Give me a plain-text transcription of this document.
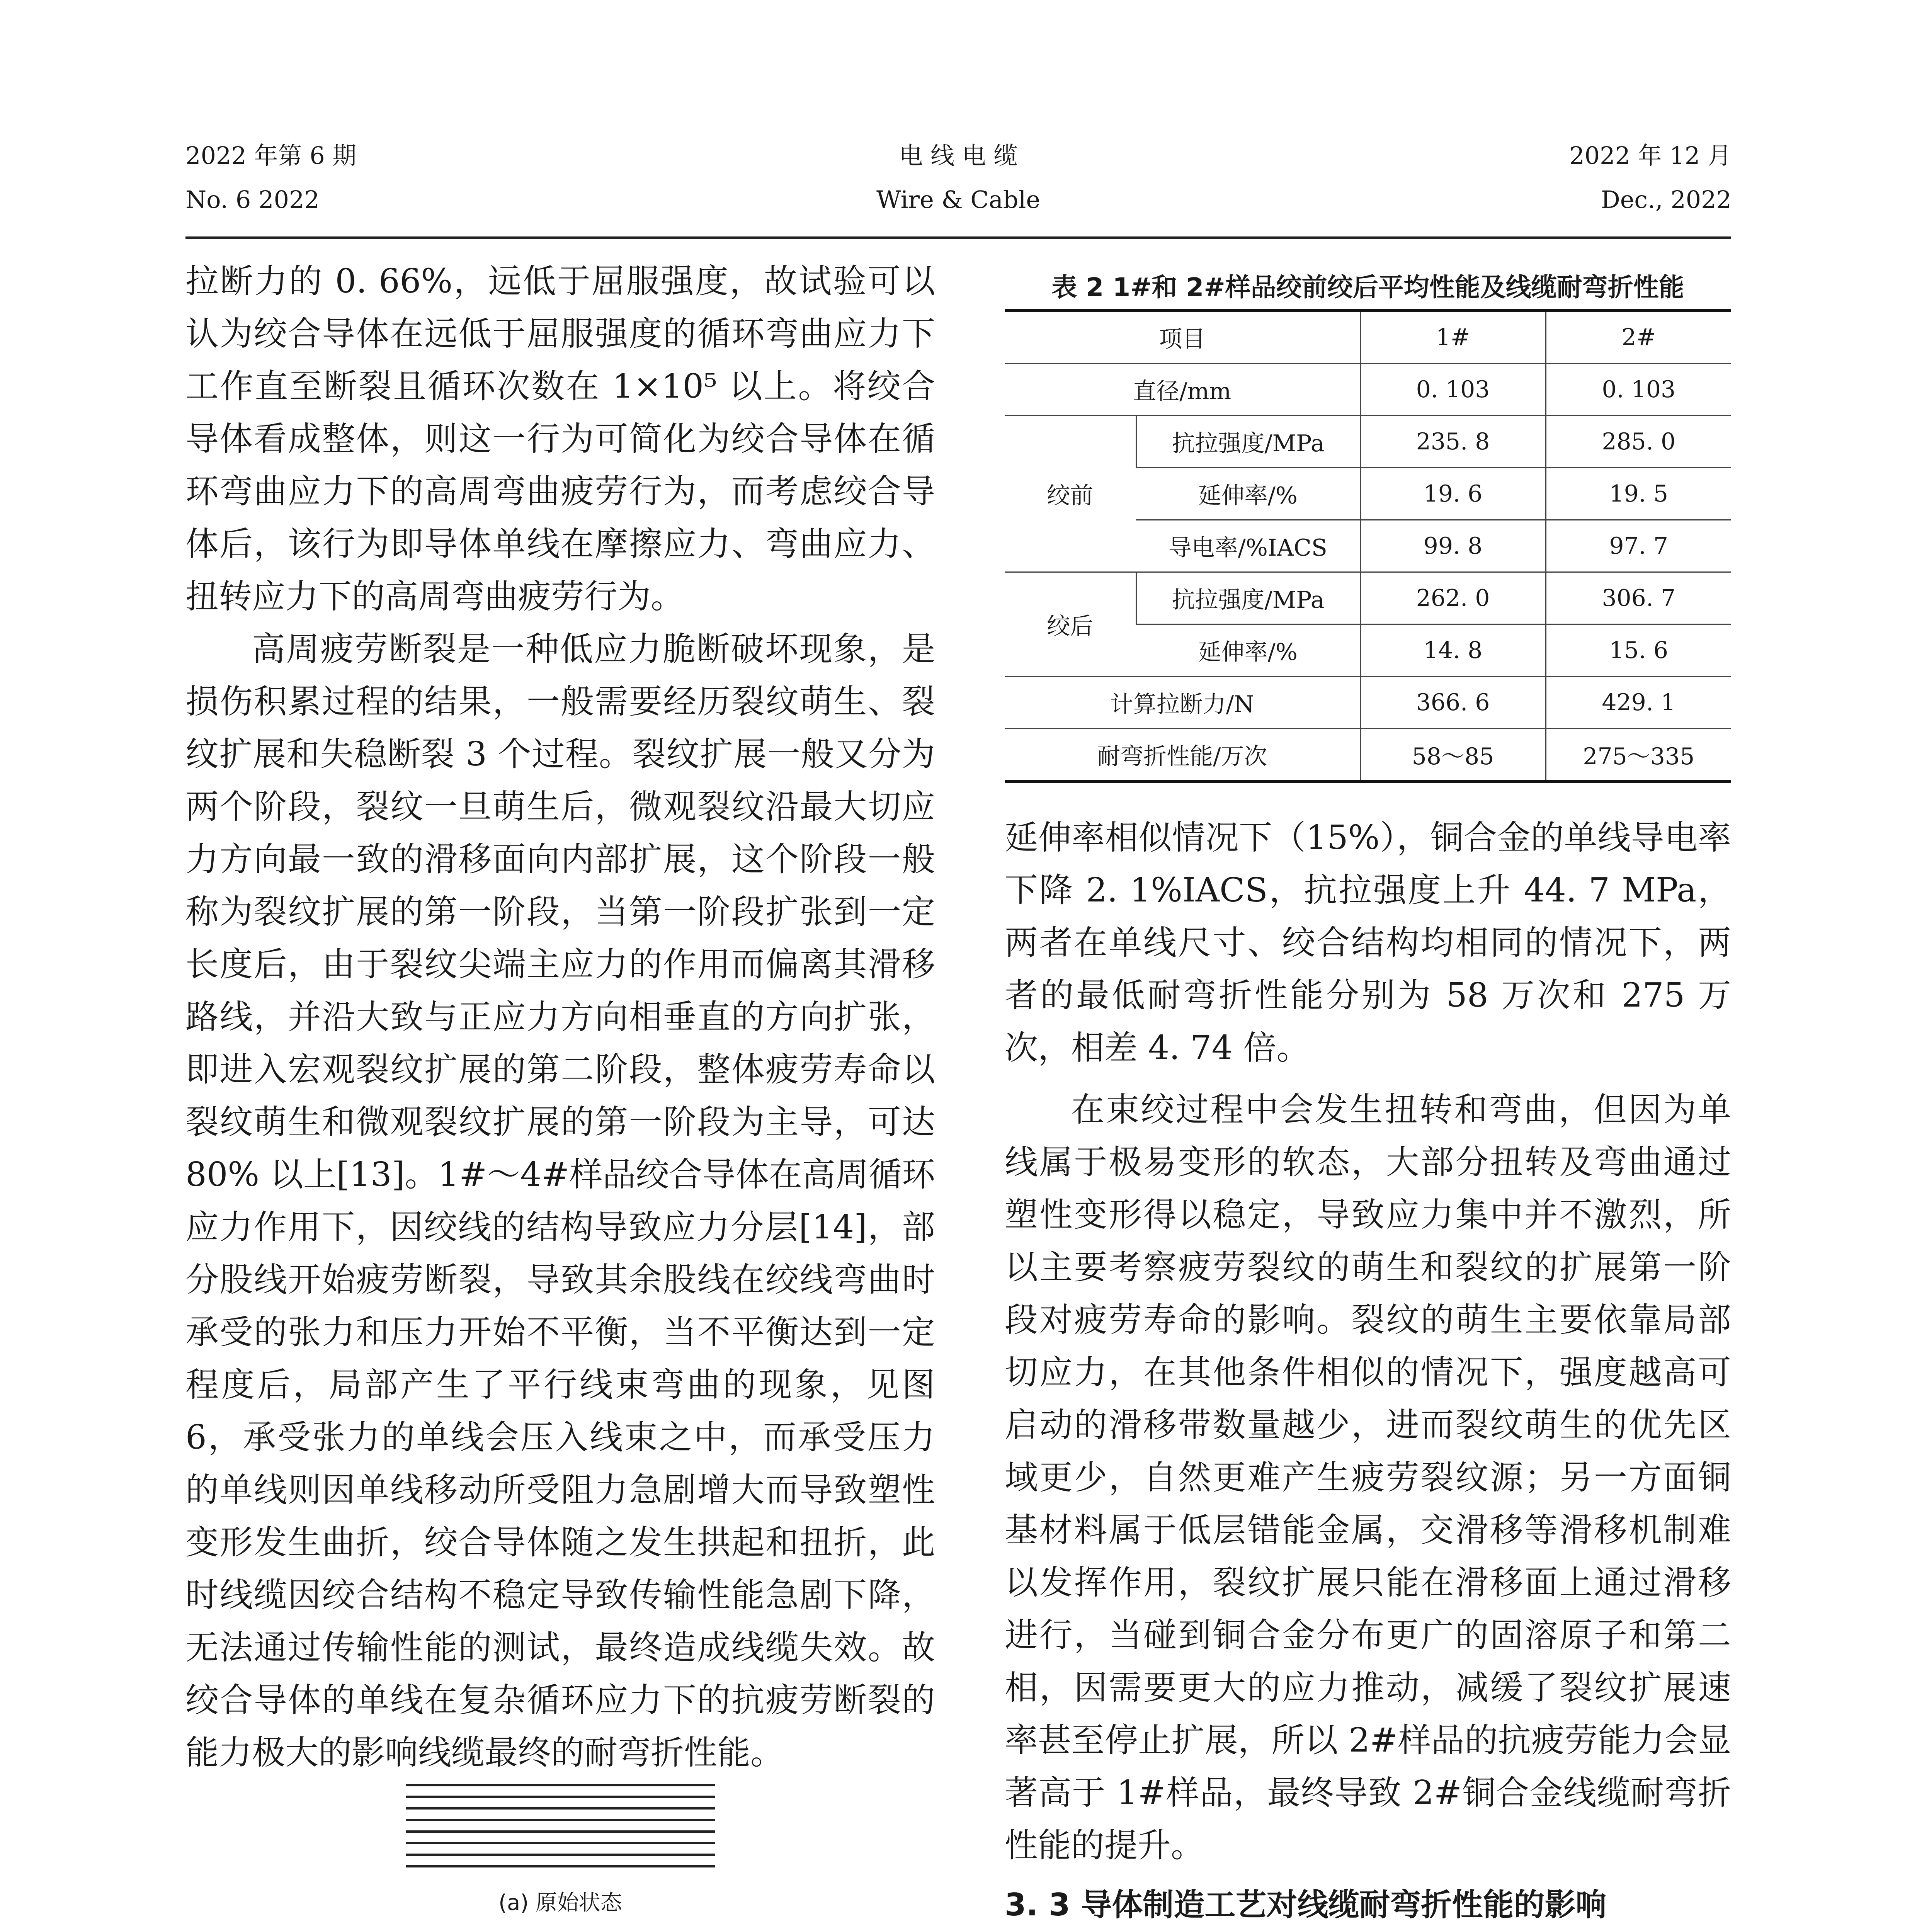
2022 年第 6 期
No. 6 2022
电 线 电 缆
Wire & Cable
2022 年 12 月
Dec., 2022

拉断力的 0. 66%，远低于屈服强度，故试验可以认为绞合导体在远低于屈服强度的循环弯曲应力下工作直至断裂且循环次数在 1×10⁵ 以上。将绞合导体看成整体，则这一行为可简化为绞合导体在循环弯曲应力下的高周弯曲疲劳行为，而考虑绞合导体后，该行为即导体单线在摩擦应力、弯曲应力、扭转应力下的高周弯曲疲劳行为。

高周疲劳断裂是一种低应力脆断破坏现象，是损伤积累过程的结果，一般需要经历裂纹萌生、裂纹扩展和失稳断裂 3 个过程。裂纹扩展一般又分为两个阶段，裂纹一旦萌生后，微观裂纹沿最大切应力方向最一致的滑移面向内部扩展，这个阶段一般称为裂纹扩展的第一阶段，当第一阶段扩张到一定长度后，由于裂纹尖端主应力的作用而偏离其滑移路线，并沿大致与正应力方向相垂直的方向扩张，即进入宏观裂纹扩展的第二阶段，整体疲劳寿命以裂纹萌生和微观裂纹扩展的第一阶段为主导，可达 80% 以上[13]。1#～4#样品绞合导体在高周循环应力作用下，因绞线的结构导致应力分层[14]，部分股线开始疲劳断裂，导致其余股线在绞线弯曲时承受的张力和压力开始不平衡，当不平衡达到一定程度后，局部产生了平行线束弯曲的现象，见图 6，承受张力的单线会压入线束之中，而承受压力的单线则因单线移动所受阻力急剧增大而导致塑性变形发生曲折，绞合导体随之发生拱起和扭折，此时线缆因绞合结构不稳定导致传输性能急剧下降，无法通过传输性能的测试，最终造成线缆失效。故绞合导体的单线在复杂循环应力下的抗疲劳断裂的能力极大的影响线缆最终的耐弯折性能。

(a) 原始状态

表 2 1#和 2#样品绞前绞后平均性能及线缆耐弯折性能
项目		1#	2#
直径/mm		0. 103	0. 103
绞前	抗拉强度/MPa	235. 8	285. 0
	延伸率/%	19. 6	19. 5
	导电率/%IACS	99. 8	97. 7
绞后	抗拉强度/MPa	262. 0	306. 7
	延伸率/%	14. 8	15. 6
计算拉断力/N		366. 6	429. 1
耐弯折性能/万次		58～85	275～335

延伸率相似情况下（15%），铜合金的单线导电率下降 2. 1%IACS，抗拉强度上升 44. 7 MPa，两者在单线尺寸、绞合结构均相同的情况下，两者的最低耐弯折性能分别为 58 万次和 275 万次，相差 4. 74 倍。

在束绞过程中会发生扭转和弯曲，但因为单线属于极易变形的软态，大部分扭转及弯曲通过塑性变形得以稳定，导致应力集中并不激烈，所以主要考察疲劳裂纹的萌生和裂纹的扩展第一阶段对疲劳寿命的影响。裂纹的萌生主要依靠局部切应力，在其他条件相似的情况下，强度越高可启动的滑移带数量越少，进而裂纹萌生的优先区域更少，自然更难产生疲劳裂纹源；另一方面铜基材料属于低层错能金属，交滑移等滑移机制难以发挥作用，裂纹扩展只能在滑移面上通过滑移进行，当碰到铜合金分布更广的固溶原子和第二相，因需要更大的应力推动，减缓了裂纹扩展速率甚至停止扩展，所以 2#样品的抗疲劳能力会显著高于 1#样品，最终导致 2#铜合金线缆耐弯折性能的提升。

3. 3 导体制造工艺对线缆耐弯折性能的影响
